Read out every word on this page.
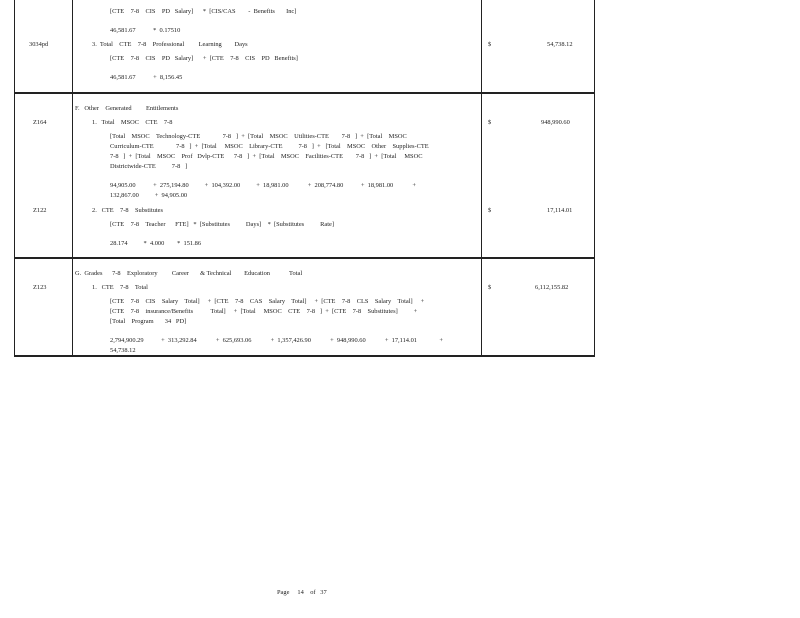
[CTE    7-8    CIS    PD   Salary]      *  [CIS/CAS        -  Benefits       Inc]
46,581.67           *  0.17510
3034pd	3.  Total    CTE    7-8    Professional         Learning        Days	$	54,738.12
[CTE    7-8    CIS    PD   Salary]      +  [CTE    7-8    CIS    PD   Benefits]
46,581.67           +  8,156.45
F.   Other    Generated         Entitlements
Z164	1.   Total    MSOC    CTE    7-8	$	948,990.60
[Total    MSOC    Technology-CTE              7-8   ]  +  [Total    MSOC    Utilities-CTE        7-8   ]  +  [Total    MSOC
Curriculum-CTE              7-8   ]  +  [Total     MSOC    Library-CTE          7-8   ]  +   [Total    MSOC    Other    Supplies-CTE
7-8   ]  +  [Total    MSOC    Prof   Dvlp-CTE      7-8   ]  +  [Total    MSOC    Facilities-CTE        7-8   ]  +  [Total     MSOC
Districtwide-CTE          7-8   ]
94,905.00           +  275,194.80          +  104,392.00          +  18,981.00            +  208,774.80           +  18,981.00            +
132,867.00          +  94,905.00
Z122	2.   CTE    7-8    Substitutes	$	17,114.01
[CTE    7-8    Teacher      FTE]   *  [Substitutes          Days]    *  [Substitutes          Rate]
28.174          *  4.000        *  151.86
G.  Grades      7-8    Exploratory         Career       & Technical        Education            Total
Z123	1.   CTE    7-8    Total	$	6,112,155.82
[CTE    7-8    CIS    Salary    Total]     +  [CTE    7-8    CAS    Salary    Total]     +  [CTE    7-8    CLS    Salary    Total]     +
[CTE    7-8    insurance/Benefits           Total]     +  [Total     MSOC    CTE    7-8   ]  +  [CTE    7-8    Substitutes]          +
[Total    Program       34   PD]
2,794,900.29           +  313,292.84            +  625,693.06            +  1,357,426.90            +  948,990.60            +  17,114.01              +
54,738.12
Page     14    of   37
